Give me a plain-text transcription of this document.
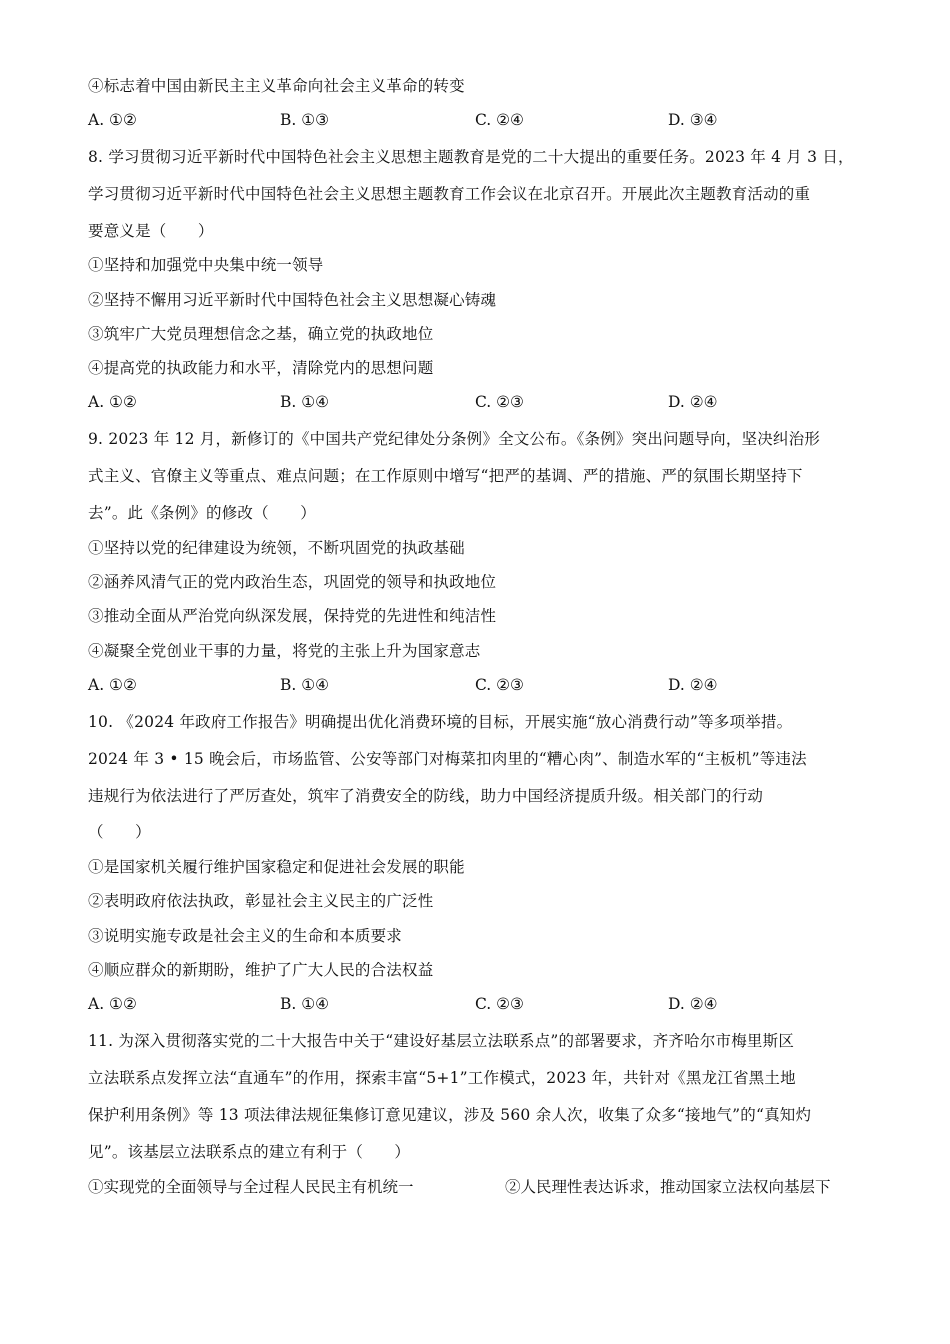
④标志着中国由新民主主义革命向社会主义革命的转变
A. ①②	B. ①③	C. ②④	D. ③④
8. 学习贯彻习近平新时代中国特色社会主义思想主题教育是党的二十大提出的重要任务。2023 年 4 月 3 日，
学习贯彻习近平新时代中国特色社会主义思想主题教育工作会议在北京召开。开展此次主题教育活动的重
要意义是（　　）
①坚持和加强党中央集中统一领导
②坚持不懈用习近平新时代中国特色社会主义思想凝心铸魂
③筑牢广大党员理想信念之基，确立党的执政地位
④提高党的执政能力和水平，清除党内的思想问题
A. ①②	B. ①④	C. ②③	D. ②④
9. 2023 年 12 月，新修订的《中国共产党纪律处分条例》全文公布。《条例》突出问题导向，坚决纠治形
式主义、官僚主义等重点、难点问题；在工作原则中增写“把严的基调、严的措施、严的氛围长期坚持下
去”。此《条例》的修改（　　）
①坚持以党的纪律建设为统领，不断巩固党的执政基础
②涵养风清气正的党内政治生态，巩固党的领导和执政地位
③推动全面从严治党向纵深发展，保持党的先进性和纯洁性
④凝聚全党创业干事的力量，将党的主张上升为国家意志
A. ①②	B. ①④	C. ②③	D. ②④
10. 《2024 年政府工作报告》明确提出优化消费环境的目标，开展实施“放心消费行动”等多项举措。
2024 年 3 • 15 晚会后，市场监管、公安等部门对梅菜扣肉里的“糟心肉”、制造水军的“主板机”等违法
违规行为依法进行了严厉查处，筑牢了消费安全的防线，助力中国经济提质升级。相关部门的行动
（　　）
①是国家机关履行维护国家稳定和促进社会发展的职能
②表明政府依法执政，彰显社会主义民主的广泛性
③说明实施专政是社会主义的生命和本质要求
④顺应群众的新期盼，维护了广大人民的合法权益
A. ①②	B. ①④	C. ②③	D. ②④
11. 为深入贯彻落实党的二十大报告中关于“建设好基层立法联系点”的部署要求，齐齐哈尔市梅里斯区
立法联系点发挥立法“直通车”的作用，探索丰富“5+1”工作模式，2023 年，共针对《黑龙江省黑土地
保护利用条例》等 13 项法律法规征集修订意见建议，涉及 560 余人次，收集了众多“接地气”的“真知灼
见”。该基层立法联系点的建立有利于（　　）
①实现党的全面领导与全过程人民民主有机统一	②人民理性表达诉求，推动国家立法权向基层下
